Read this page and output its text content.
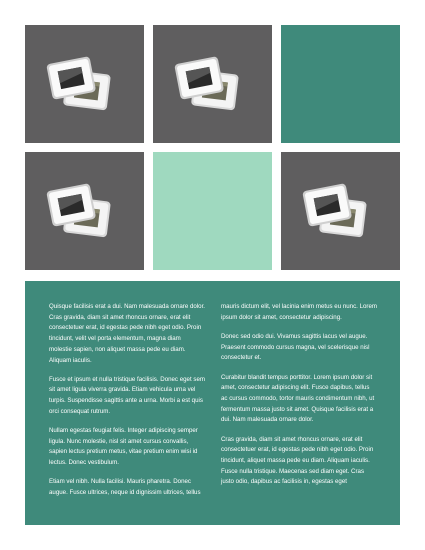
Quisque facilisis erat a dui. Nam malesuada ornare dolor. Cras gravida, diam sit amet rhoncus ornare, erat elit consectetuer erat, id egestas pede nibh eget odio. Proin tincidunt, velit vel porta elementum, magna diam molestie sapien, non aliquet massa pede eu diam. Aliquam iaculis.

Fusce et ipsum et nulla tristique facilisis. Donec eget sem sit amet ligula viverra gravida. Etiam vehicula urna vel turpis. Suspendisse sagittis ante a urna. Morbi a est quis orci consequat rutrum.

Nullam egestas feugiat felis. Integer adipiscing semper ligula. Nunc molestie, nisl sit amet cursus convallis, sapien lectus pretium metus, vitae pretium enim wisi id lectus. Donec vestibulum.

Etiam vel nibh. Nulla facilisi. Mauris pharetra. Donec augue. Fusce ultrices, neque id dignissim ultrices, tellus

mauris dictum elit, vel lacinia enim metus eu nunc. Lorem ipsum dolor sit amet, consectetur adipiscing.

Donec sed odio dui. Vivamus sagittis lacus vel augue. Praesent commodo cursus magna, vel scelerisque nisl consectetur et.

Curabitur blandit tempus porttitor. Lorem ipsum dolor sit amet, consectetur adipiscing elit. Fusce dapibus, tellus ac cursus commodo, tortor mauris condimentum nibh, ut fermentum massa justo sit amet. Quisque facilisis erat a dui. Nam malesuada ornare dolor.

Cras gravida, diam sit amet rhoncus ornare, erat elit consectetuer erat, id egestas pede nibh eget odio. Proin tincidunt, aliquet massa pede eu diam. Aliquam iaculis. Fusce nulla tristique. Maecenas sed diam eget. Cras justo odio, dapibus ac facilisis in, egestas eget
